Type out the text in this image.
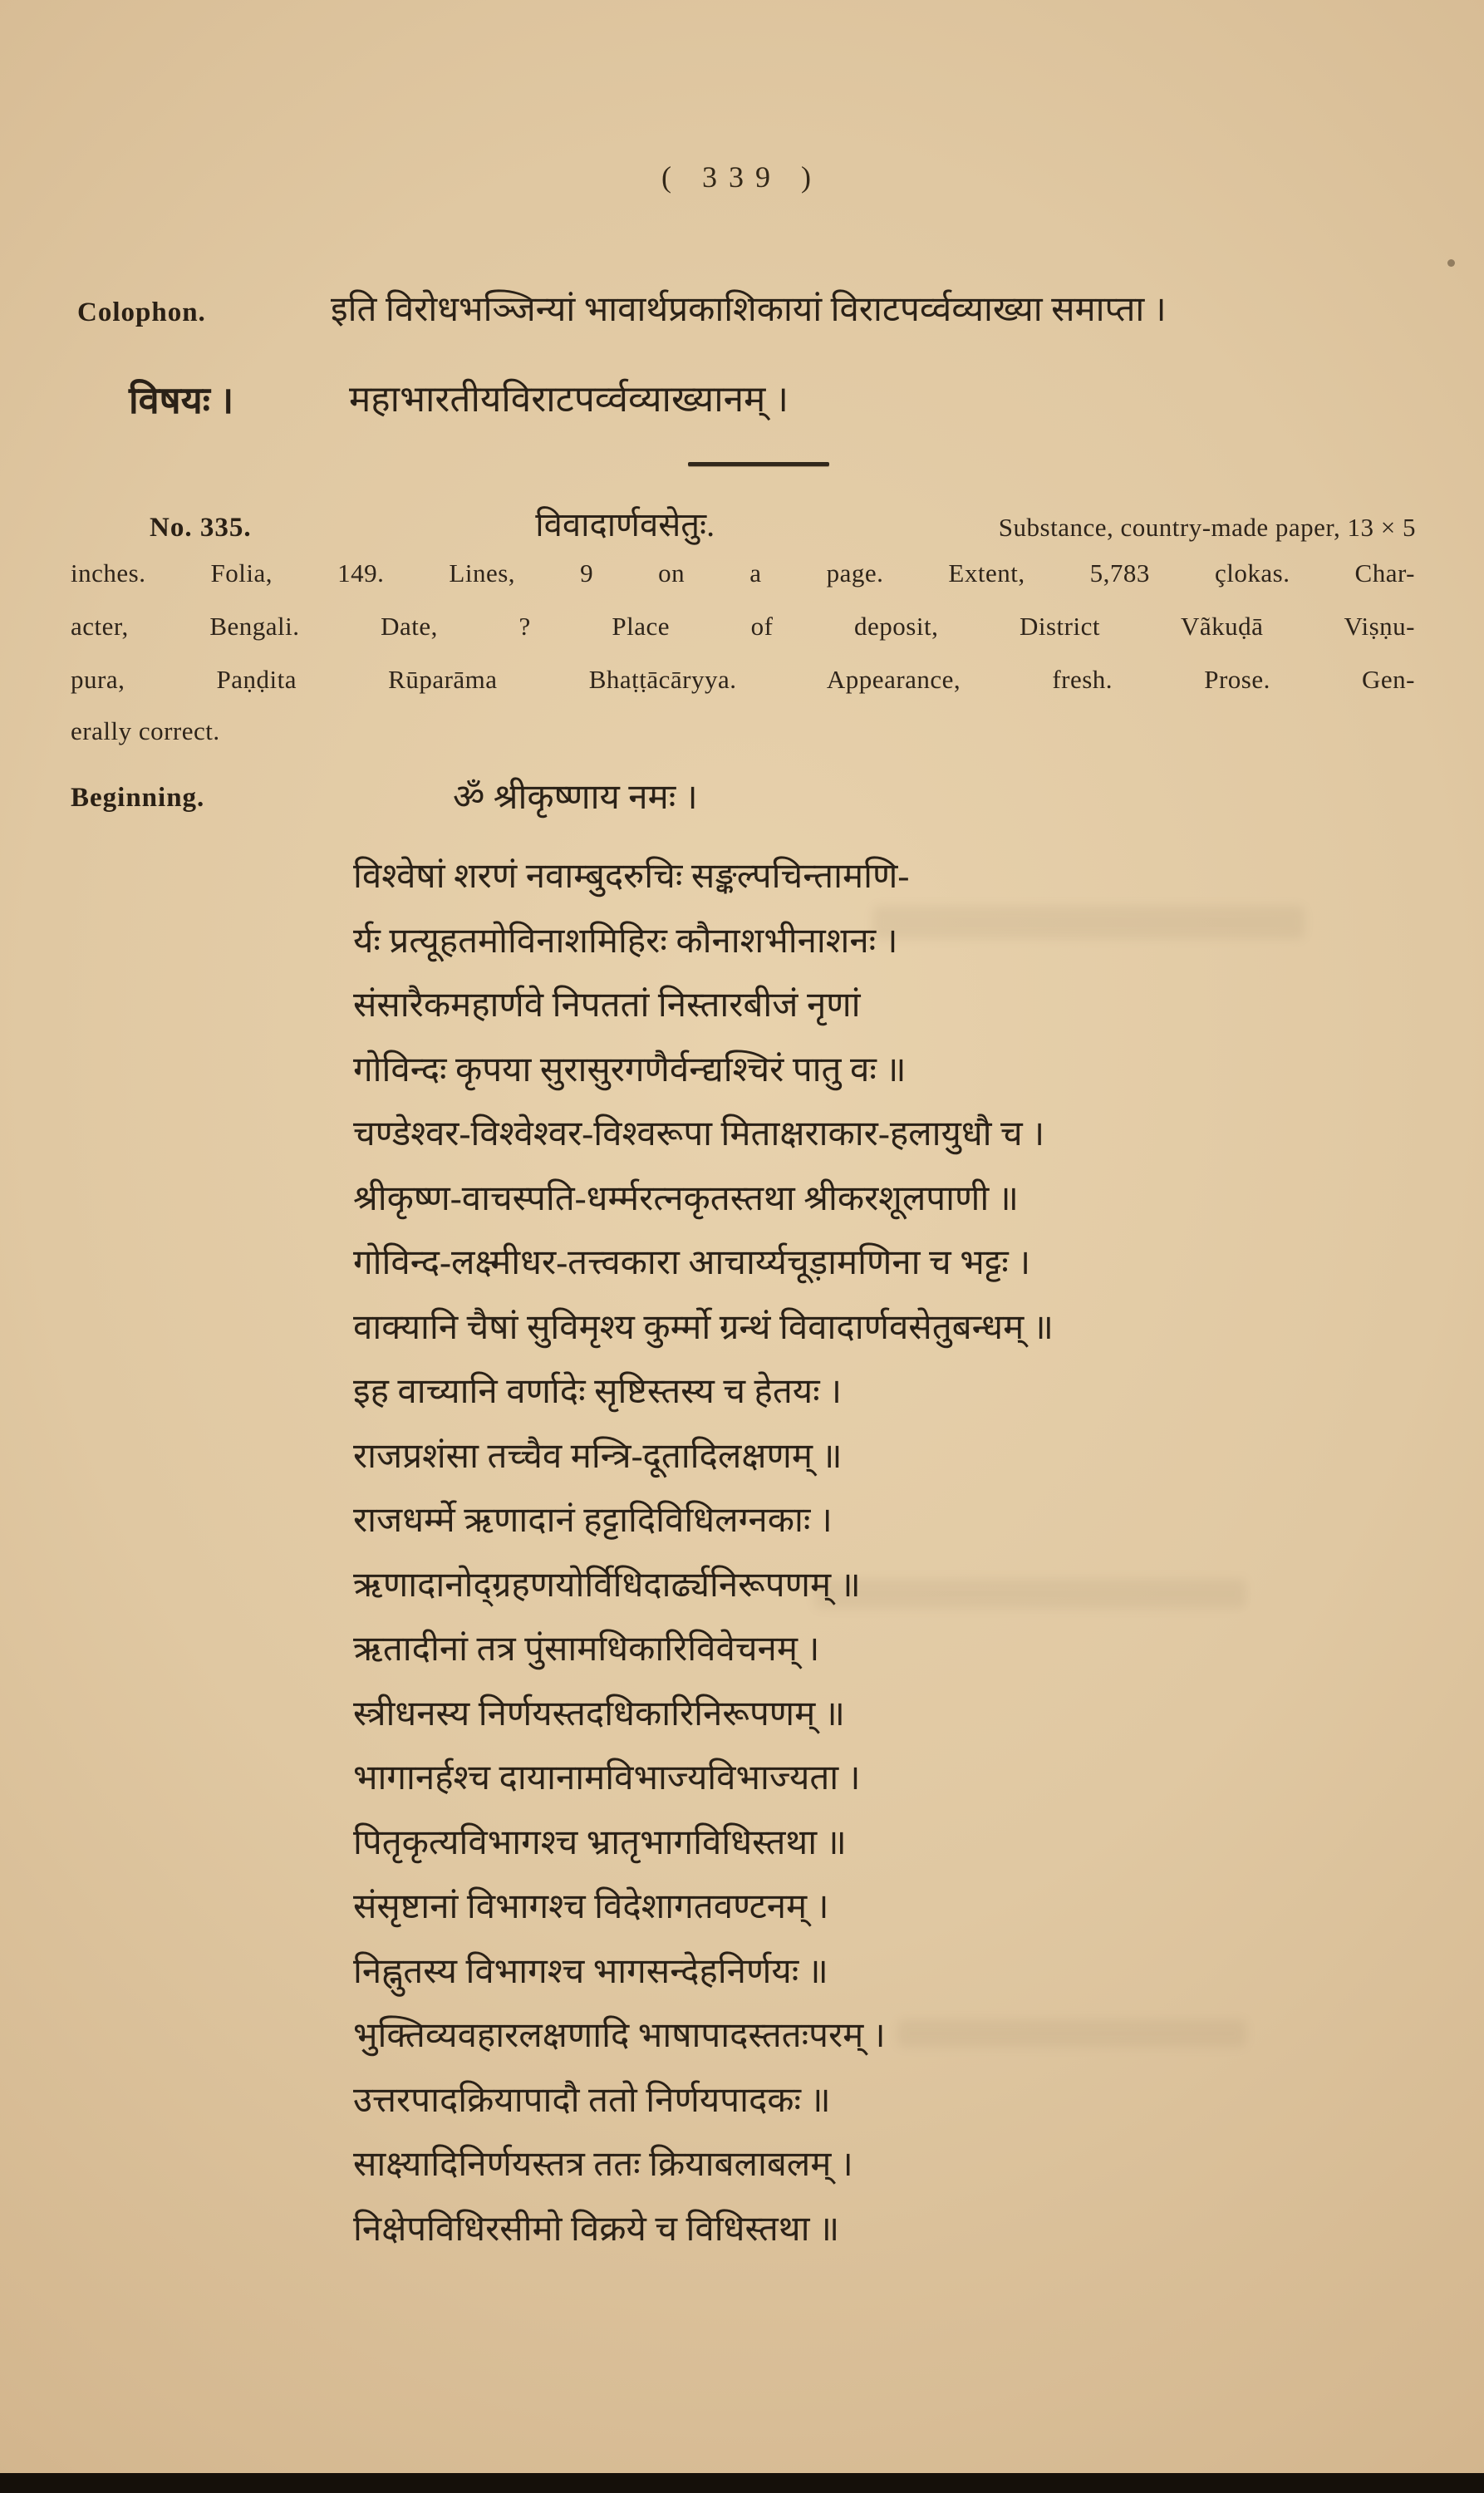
( 339 )
Colophon.	इति विरोधभञ्जिन्यां भावार्थप्रकाशिकायां विराटपर्व्वव्याख्या समाप्ता ।
विषयः ।	महाभारतीयविराटपर्व्वव्याख्यानम् ।
No. 335.	विवादार्णवसेतुः.	Substance, country-made paper, 13 × 5
inches. Folia, 149. Lines, 9 on a page. Extent, 5,783 çlokas. Char-
acter, Bengali. Date, ? Place of deposit, District Vãkuḍā Viṣṇu-
pura, Paṇḍita Rūparāma Bhaṭṭācāryya. Appearance, fresh. Prose. Gen-
erally correct.
Beginning.	ॐ श्रीकृष्णाय नमः ।
विश्वेषां शरणं नवाम्बुदरुचिः सङ्कल्पचिन्तामणि-
र्यः प्रत्यूहतमोविनाशमिहिरः कौनाशभीनाशनः ।
संसारैकमहार्णवे निपततां निस्तारबीजं नृणां
गोविन्दः कृपया सुरासुरगणैर्वन्द्यश्चिरं पातु वः ॥
चण्डेश्वर-विश्वेश्वर-विश्वरूपा मिताक्षराकार-हलायुधौ च ।
श्रीकृष्ण-वाचस्पति-धर्म्मरत्नकृतस्तथा श्रीकरशूलपाणी ॥
गोविन्द-लक्ष्मीधर-तत्त्वकारा आचार्य्यचूड़ामणिना च भट्टः ।
वाक्यानि चैषां सुविमृश्य कुर्म्मो ग्रन्थं विवादार्णवसेतुबन्धम् ॥
इह वाच्यानि वर्णादेः सृष्टिस्तस्य च हेतयः ।
राजप्रशंसा तच्चैव मन्त्रि-दूतादिलक्षणम् ॥
राजधर्म्मे ऋणादानं हट्टादिविधिलग्नकाः ।
ऋणादानोद्ग्रहणयोर्विधिदार्ढ्यनिरूपणम् ॥
ऋतादीनां तत्र पुंसामधिकारिविवेचनम् ।
स्त्रीधनस्य निर्णयस्तदधिकारिनिरूपणम् ॥
भागानर्हश्च दायानामविभाज्यविभाज्यता ।
पितृकृत्यविभागश्च भ्रातृभागविधिस्तथा ॥
संसृष्टानां विभागश्च विदेशागतवण्टनम् ।
निह्नुतस्य विभागश्च भागसन्देहनिर्णयः ॥
भुक्तिव्यवहारलक्षणादि भाषापादस्ततःपरम् ।
उत्तरपादक्रियापादौ ततो निर्णयपादकः ॥
साक्ष्यादिनिर्णयस्तत्र ततः क्रियाबलाबलम् ।
निक्षेपविधिरसीमो विक्रये च विधिस्तथा ॥
